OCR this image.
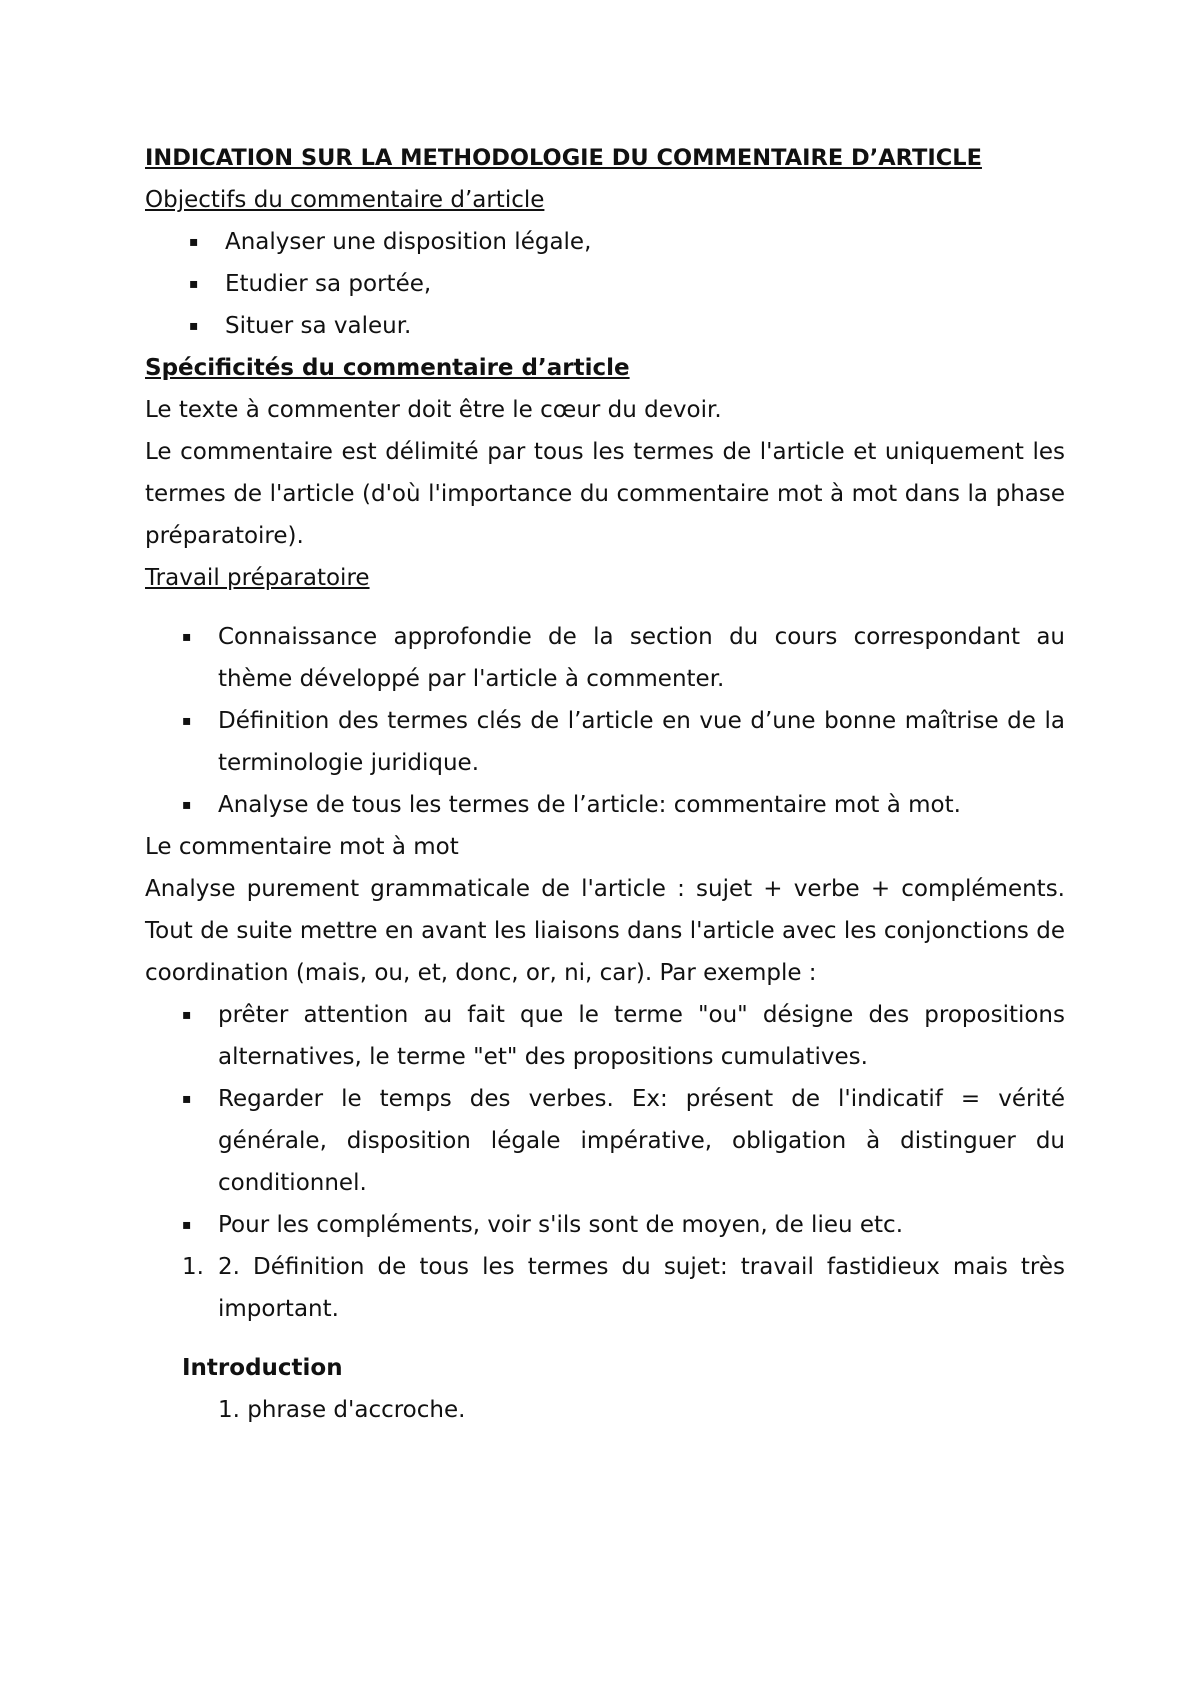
INDICATION SUR LA METHODOLOGIE DU COMMENTAIRE D’ARTICLE

Objectifs du commentaire d’article

▪ Analyser une disposition légale,
▪ Etudier sa portée,
▪ Situer sa valeur.

Spécificités du commentaire d’article

Le texte à commenter doit être le cœur du devoir.

Le commentaire est délimité par tous les termes de l'article et uniquement les termes de l'article (d'où l'importance du commentaire mot à mot dans la phase préparatoire).

Travail préparatoire

▪ Connaissance approfondie de la section du cours correspondant au thème développé par l'article à commenter.
▪ Définition des termes clés de l’article en vue d’une bonne maîtrise de la terminologie juridique.
▪ Analyse de tous les termes de l’article: commentaire mot à mot.

Le commentaire mot à mot

Analyse purement grammaticale de l'article : sujet + verbe + compléments. Tout de suite mettre en avant les liaisons dans l'article avec les conjonctions de coordination (mais, ou, et, donc, or, ni, car). Par exemple :

▪ prêter attention au fait que le terme "ou" désigne des propositions alternatives, le terme "et" des propositions cumulatives.
▪ Regarder le temps des verbes. Ex: présent de l'indicatif = vérité générale, disposition légale impérative, obligation à distinguer du conditionnel.
▪ Pour les compléments, voir s'ils sont de moyen, de lieu etc.
1. 2. Définition de tous les termes du sujet: travail fastidieux mais très important.

Introduction

1. phrase d'accroche.
